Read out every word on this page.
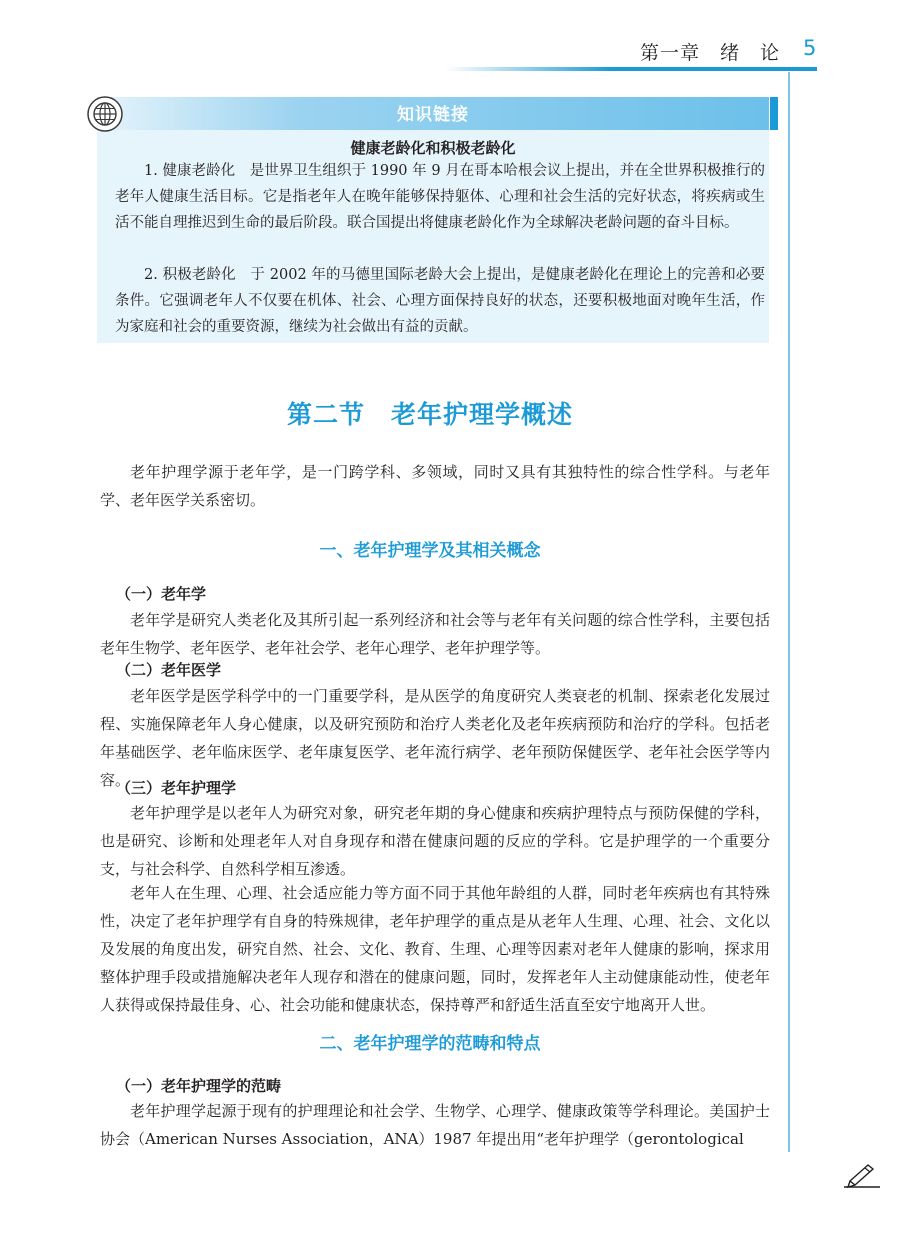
第一章　绪　论 5
知识链接
健康老龄化和积极老龄化
1. 健康老龄化　是世界卫生组织于 1990 年 9 月在哥本哈根会议上提出，并在全世界积极推行的老年人健康生活目标。它是指老年人在晚年能够保持躯体、心理和社会生活的完好状态，将疾病或生活不能自理推迟到生命的最后阶段。联合国提出将健康老龄化作为全球解决老龄问题的奋斗目标。
2. 积极老龄化　于 2002 年的马德里国际老龄大会上提出，是健康老龄化在理论上的完善和必要条件。它强调老年人不仅要在机体、社会、心理方面保持良好的状态，还要积极地面对晚年生活，作为家庭和社会的重要资源，继续为社会做出有益的贡献。
第二节　老年护理学概述
老年护理学源于老年学，是一门跨学科、多领域，同时又具有其独特性的综合性学科。与老年学、老年医学关系密切。
一、老年护理学及其相关概念
（一）老年学
老年学是研究人类老化及其所引起一系列经济和社会等与老年有关问题的综合性学科，主要包括老年生物学、老年医学、老年社会学、老年心理学、老年护理学等。
（二）老年医学
老年医学是医学科学中的一门重要学科，是从医学的角度研究人类衰老的机制、探索老化发展过程、实施保障老年人身心健康，以及研究预防和治疗人类老化及老年疾病预防和治疗的学科。包括老年基础医学、老年临床医学、老年康复医学、老年流行病学、老年预防保健医学、老年社会医学等内容。
（三）老年护理学
老年护理学是以老年人为研究对象，研究老年期的身心健康和疾病护理特点与预防保健的学科，也是研究、诊断和处理老年人对自身现存和潜在健康问题的反应的学科。它是护理学的一个重要分支，与社会科学、自然科学相互渗透。
老年人在生理、心理、社会适应能力等方面不同于其他年龄组的人群，同时老年疾病也有其特殊性，决定了老年护理学有自身的特殊规律，老年护理学的重点是从老年人生理、心理、社会、文化以及发展的角度出发，研究自然、社会、文化、教育、生理、心理等因素对老年人健康的影响，探求用整体护理手段或措施解决老年人现存和潜在的健康问题，同时，发挥老年人主动健康能动性，使老年人获得或保持最佳身、心、社会功能和健康状态，保持尊严和舒适生活直至安宁地离开人世。
二、老年护理学的范畴和特点
（一）老年护理学的范畴
老年护理学起源于现有的护理理论和社会学、生物学、心理学、健康政策等学科理论。美国护士协会（American Nurses Association，ANA）1987 年提出用“老年护理学（gerontological
